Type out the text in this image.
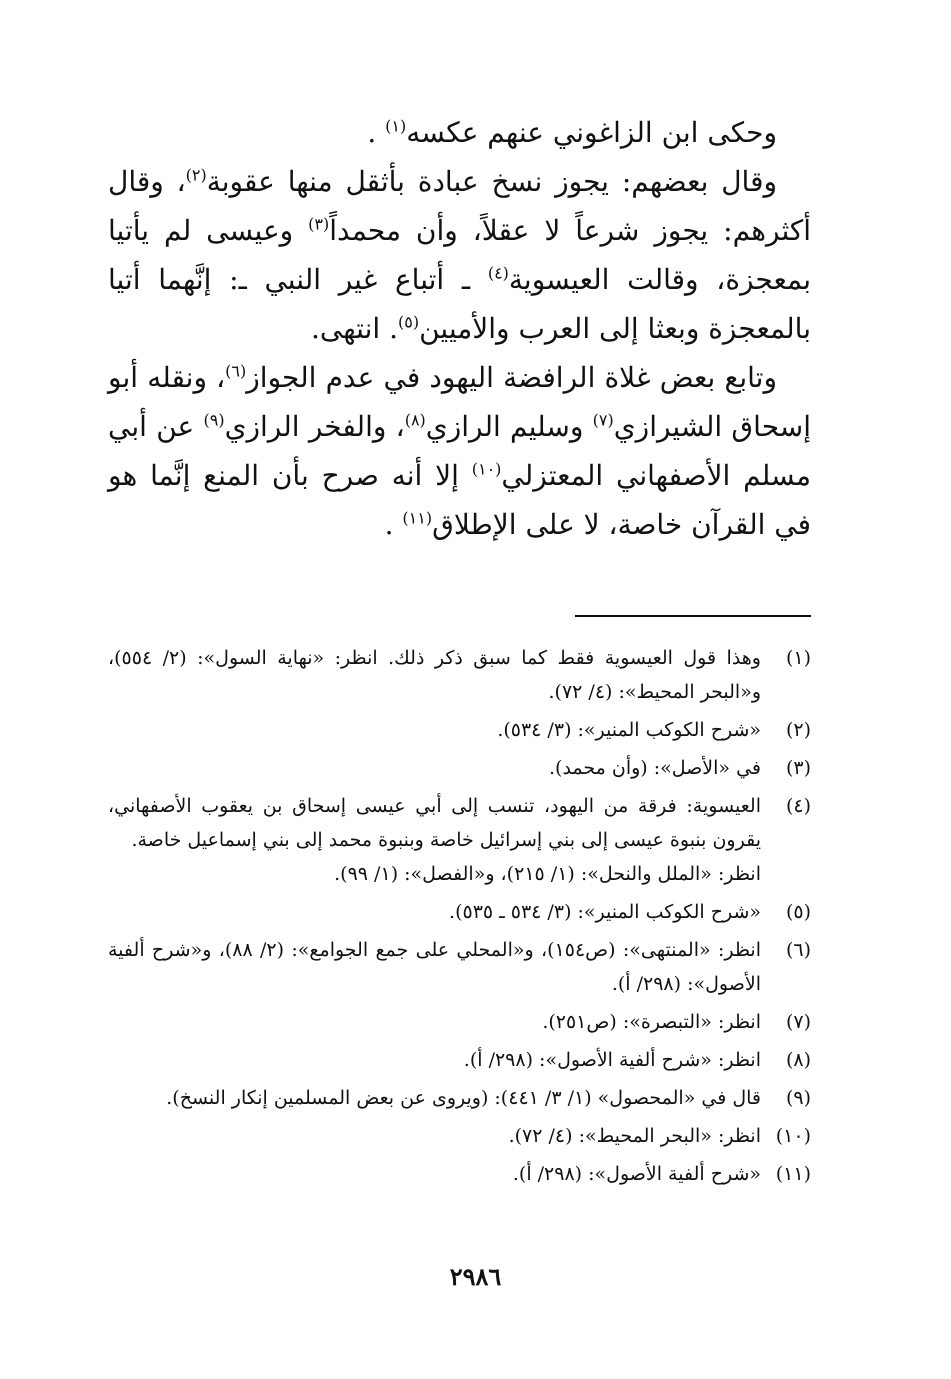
وحكى ابن الزاغوني عنهم عكسه$^{(١)}$ .

وقال بعضهم: يجوز نسخ عبادة بأثقل منها عقوبة$^{(٢)}$، وقال أكثرهم: يجوز شرعاً لا عقلاً، وأن محمداً$^{(٣)}$ وعيسى لم يأتيا بمعجزة، وقالت العيسوية$^{(٤)}$ ـ أتباع غير النبي ـ: إنَّهما أتيا بالمعجزة وبعثا إلى العرب والأميين$^{(٥)}$. انتهى.

وتابع بعض غلاة الرافضة اليهود في عدم الجواز$^{(٦)}$، ونقله أبو إسحاق الشيرازي$^{(٧)}$ وسليم الرازي$^{(٨)}$، والفخر الرازي$^{(٩)}$ عن أبي مسلم الأصفهاني المعتزلي$^{(١٠)}$ إلا أنه صرح بأن المنع إنَّما هو في القرآن خاصة، لا على الإطلاق$^{(١١)}$ .

(١)
وهذا قول العيسوية فقط كما سبق ذكر ذلك. انظر: «نهاية السول»: (٢/ ٥٥٤)، و«البحر المحيط»: (٤/ ٧٢).
(٢)
«شرح الكوكب المنير»: (٣/ ٥٣٤).
(٣)
في «الأصل»: (وأن محمد).
(٤)
العيسوية: فرقة من اليهود، تنسب إلى أبي عيسى إسحاق بن يعقوب الأصفهاني، يقرون بنبوة عيسى إلى بني إسرائيل خاصة وبنبوة محمد إلى بني إسماعيل خاصة.
انظر: «الملل والنحل»: (١/ ٢١٥)، و«الفصل»: (١/ ٩٩).
(٥)
«شرح الكوكب المنير»: (٣/ ٥٣٤ ـ ٥٣٥).
(٦)
انظر: «المنتهى»: (ص١٥٤)، و«المحلي على جمع الجوامع»: (٢/ ٨٨)، و«شرح ألفية الأصول»: (٢٩٨/ أ).
(٧)
انظر: «التبصرة»: (ص٢٥١).
(٨)
انظر: «شرح ألفية الأصول»: (٢٩٨/ أ).
(٩)
قال في «المحصول» (١/ ٣/ ٤٤١): (ويروى عن بعض المسلمين إنكار النسخ).
(١٠)
انظر: «البحر المحيط»: (٤/ ٧٢).
(١١)
«شرح ألفية الأصول»: (٢٩٨/ أ).
٢٩٨٦
